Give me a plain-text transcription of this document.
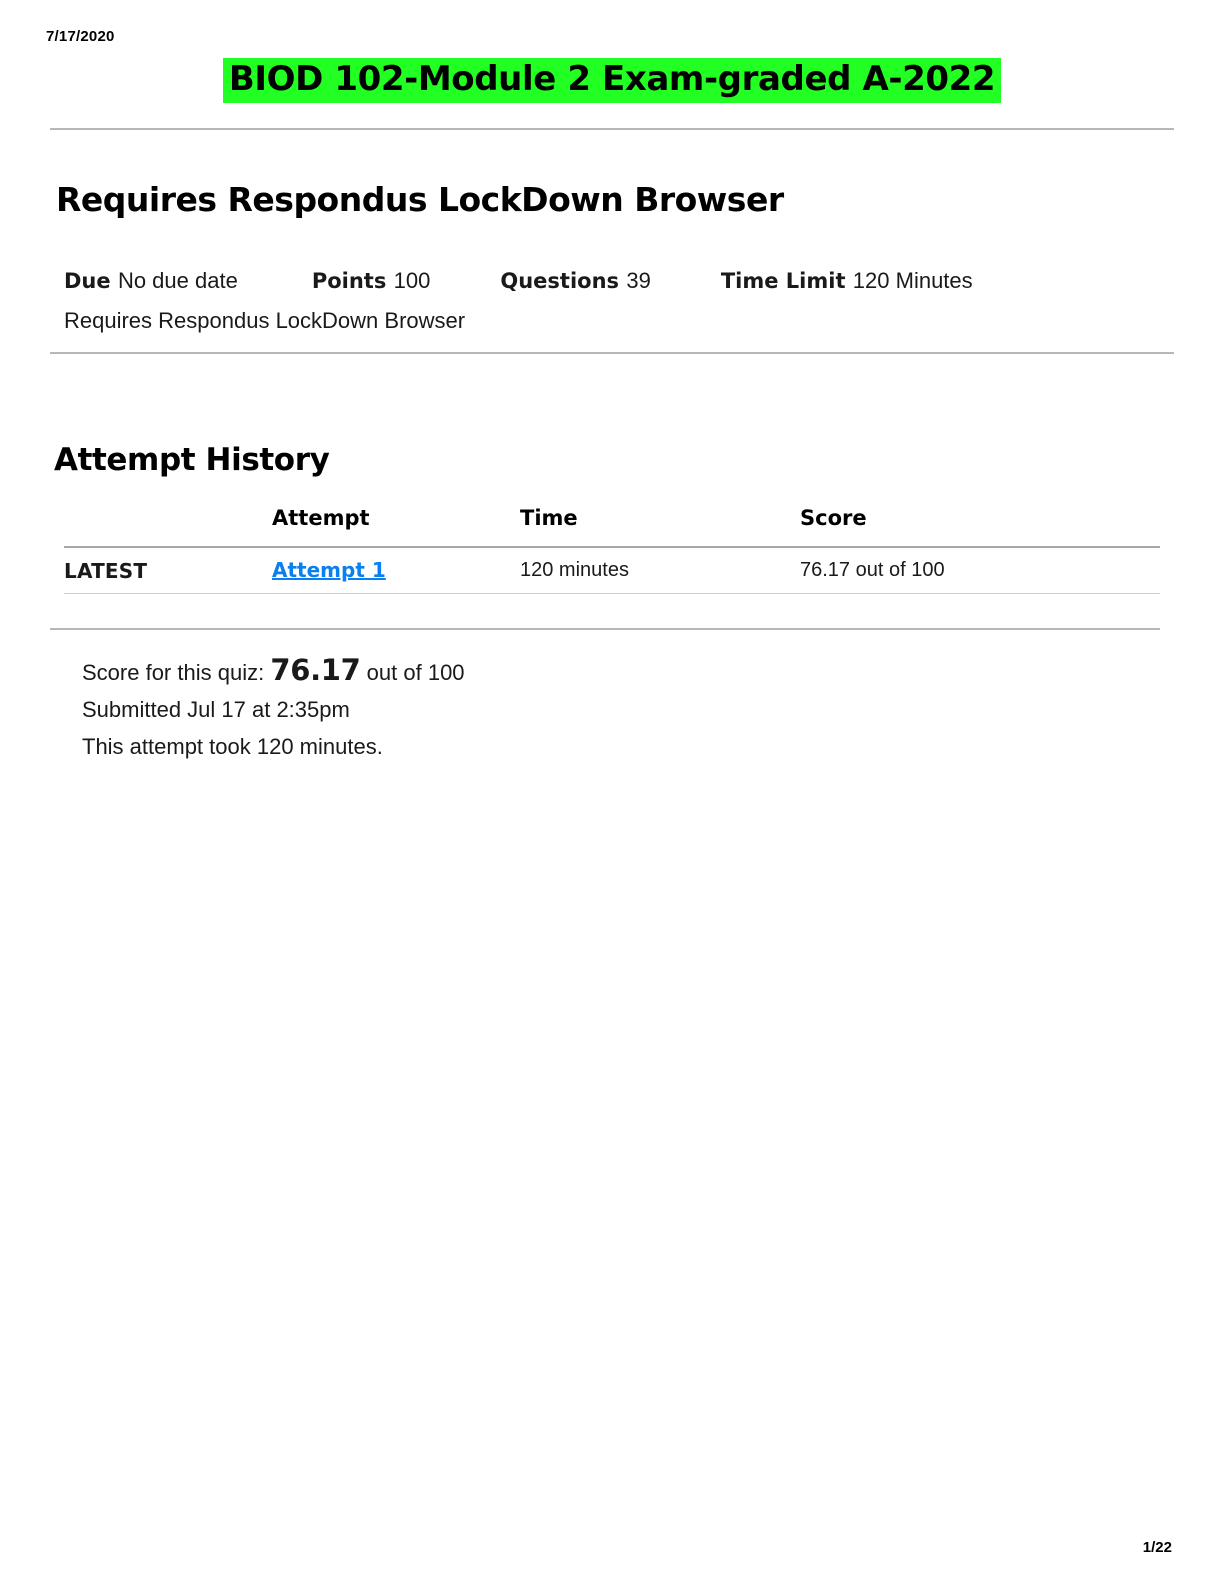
7/17/2020
BIOD 102-Module 2 Exam-graded A-2022
Requires Respondus LockDown Browser
Due No due date	Points 100	Questions 39	Time Limit 120 Minutes
Requires Respondus LockDown Browser
Attempt History
	Attempt	Time	Score
LATEST	Attempt 1	120 minutes	76.17 out of 100
Score for this quiz: 76.17 out of 100
Submitted Jul 17 at 2:35pm
This attempt took 120 minutes.
1/22
